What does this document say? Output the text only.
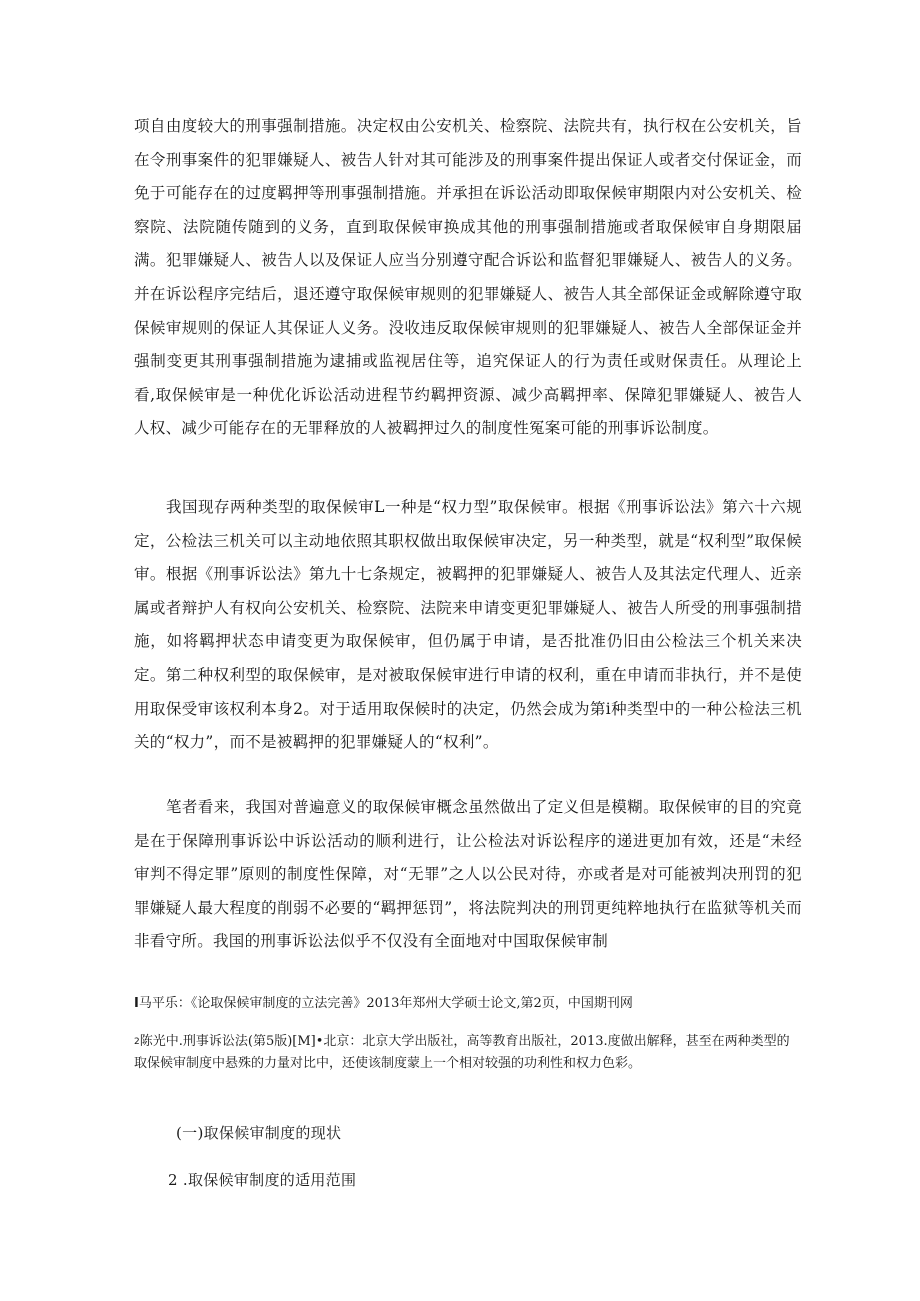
项自由度较大的刑事强制措施。决定权由公安机关、检察院、法院共有，执行权在公安机关，旨在令刑事案件的犯罪嫌疑人、被告人针对其可能涉及的刑事案件提出保证人或者交付保证金，而免于可能存在的过度羁押等刑事强制措施。并承担在诉讼活动即取保候审期限内对公安机关、检察院、法院随传随到的义务，直到取保候审换成其他的刑事强制措施或者取保候审自身期限届满。犯罪嫌疑人、被告人以及保证人应当分别遵守配合诉讼和监督犯罪嫌疑人、被告人的义务。并在诉讼程序完结后，退还遵守取保候审规则的犯罪嫌疑人、被告人其全部保证金或解除遵守取保候审规则的保证人其保证人义务。没收违反取保候审规则的犯罪嫌疑人、被告人全部保证金并强制变更其刑事强制措施为逮捕或监视居住等，追究保证人的行为责任或财保责任。从理论上看,取保候审是一种优化诉讼活动进程节约羁押资源、减少高羁押率、保障犯罪嫌疑人、被告人人权、减少可能存在的无罪释放的人被羁押过久的制度性冤案可能的刑事诉讼制度。

我国现存两种类型的取保候审L一种是“权力型”取保候审。根据《刑事诉讼法》第六十六规定，公检法三机关可以主动地依照其职权做出取保候审决定，另一种类型，就是“权利型”取保候审。根据《刑事诉讼法》第九十七条规定，被羁押的犯罪嫌疑人、被告人及其法定代理人、近亲属或者辩护人有权向公安机关、检察院、法院来申请变更犯罪嫌疑人、被告人所受的刑事强制措施，如将羁押状态申请变更为取保候审，但仍属于申请，是否批准仍旧由公检法三个机关来决定。第二种权利型的取保候审，是对被取保候审进行申请的权利，重在申请而非执行，并不是使用取保受审该权利本身2。对于适用取保候时的决定，仍然会成为第i种类型中的一种公检法三机关的“权力”，而不是被羁押的犯罪嫌疑人的“权利”。

笔者看来，我国对普遍意义的取保候审概念虽然做出了定义但是模糊。取保候审的目的究竟是在于保障刑事诉讼中诉讼活动的顺利进行，让公检法对诉讼程序的递进更加有效，还是“未经审判不得定罪”原则的制度性保障，对“无罪”之人以公民对待，亦或者是对可能被判决刑罚的犯罪嫌疑人最大程度的削弱不必要的“羁押惩罚”，将法院判决的刑罚更纯粹地执行在监狱等机关而非看守所。我国的刑事诉讼法似乎不仅没有全面地对中国取保候审制

I马平乐：《论取保候审制度的立法完善》2013年郑州大学硕士论文,第2页，中国期刊网

$^2$陈光中.刑事诉讼法(第5版)[M]•北京：北京大学出版社，高等教育出版社，2013.度做出解释，甚至在两种类型的取保候审制度中悬殊的力量对比中，还使该制度蒙上一个相对较强的功利性和权力色彩。

(一)取保候审制度的现状

2 .取保候审制度的适用范围
